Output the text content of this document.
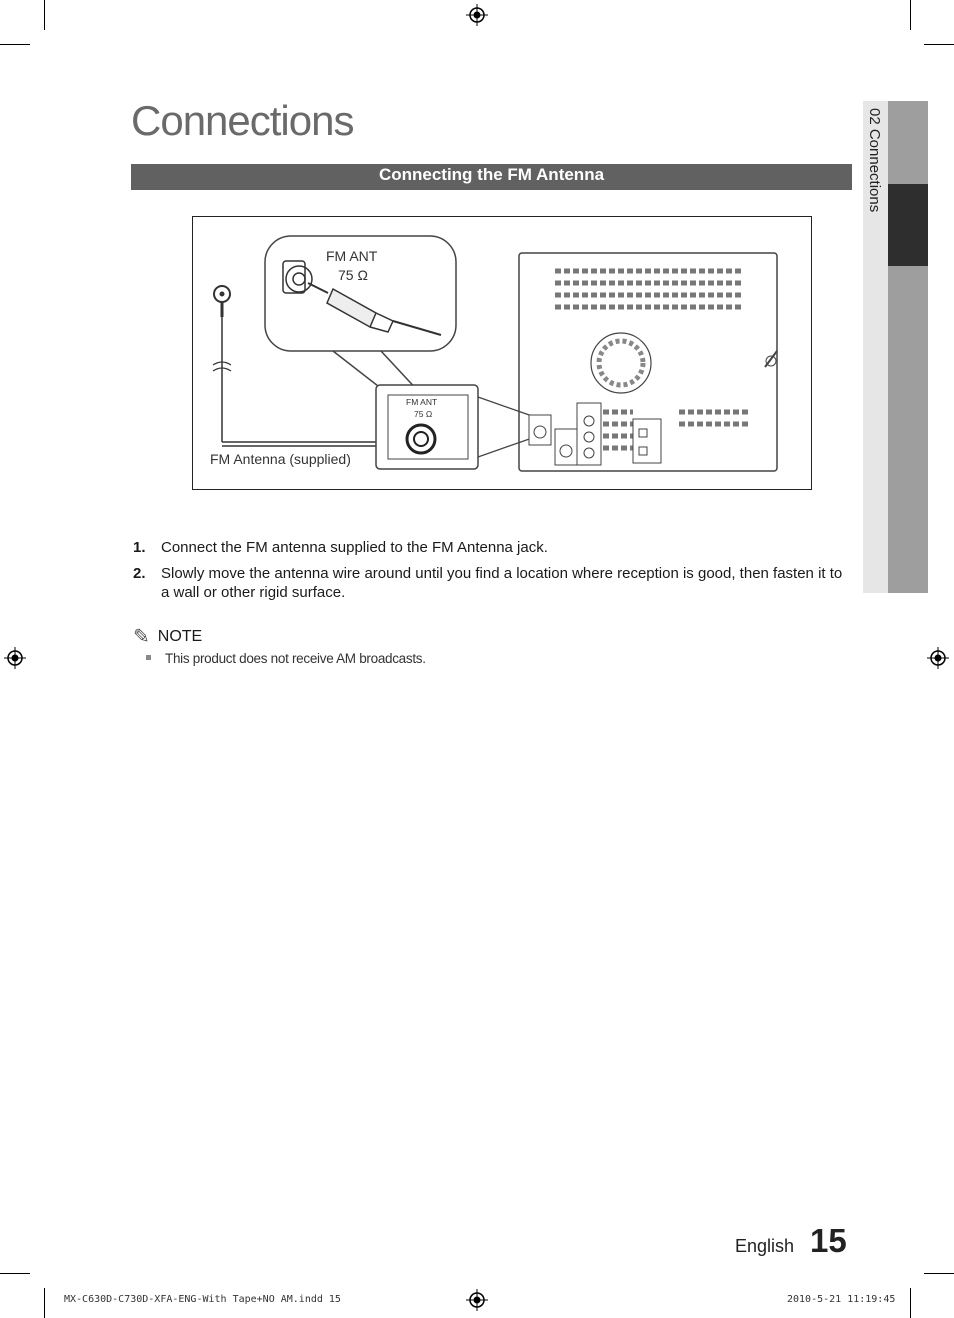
02 Connections
Connections
Connecting the FM Antenna
FM ANT
75 Ω
FM ANT
75 Ω
FM Antenna (supplied)
1. Connect the FM antenna supplied to the FM Antenna jack.
2. Slowly move the antenna wire around until you find a location where reception is good, then fasten it to a wall or other rigid surface.
✎ NOTE
This product does not receive AM broadcasts.
English 15
MX-C630D-C730D-XFA-ENG-With Tape+NO AM.indd 15	2010-5-21 11:19:45
